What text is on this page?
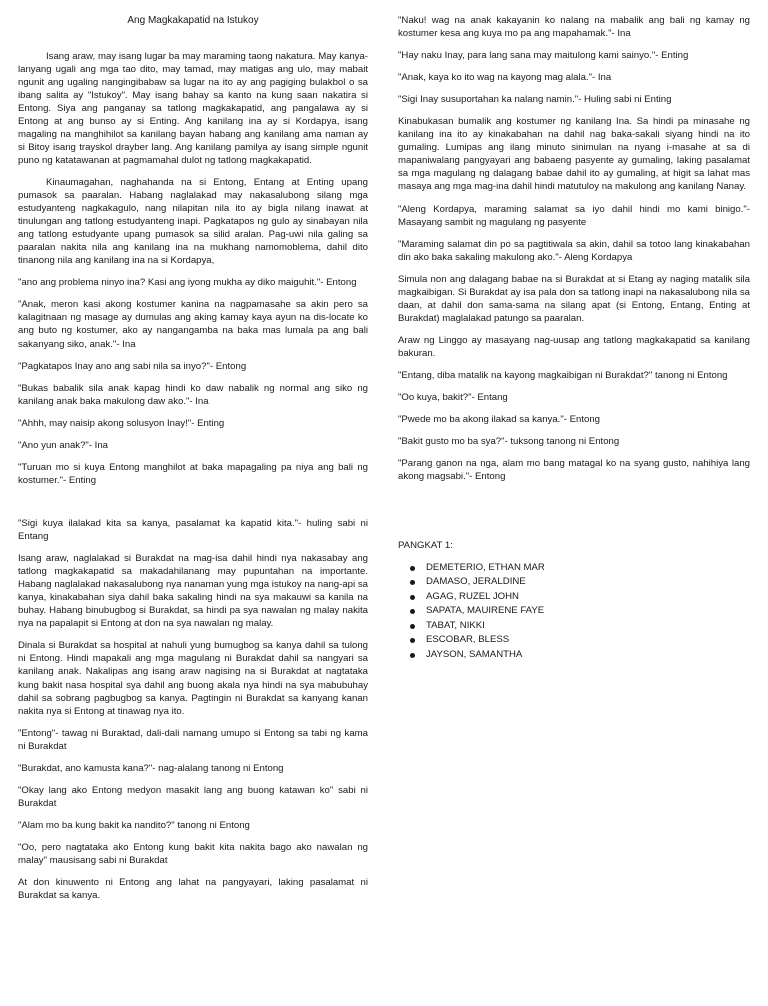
Ang Magkakapatid na Istukoy

Isang araw, may isang lugar ba may maraming taong nakatura. May kanya-lanyang ugali ang mga tao dito, may tamad, may matigas ang ulo, may mabait ngunit ang ugaling nangingibabaw sa lugar na ito ay ang pagiging bulakbol o sa ibang salita ay "Istukoy". May isang bahay sa kanto na kung saan nakatira si Entong. Siya ang panganay sa tatlong magkakapatid, ang pangalawa ay si Entong at ang bunso ay si Enting. Ang kanilang ina ay si Kordapya, isang magaling na manghihilot sa kanilang bayan habang ang kanilang ama naman ay si Bitoy isang trayskol drayber lang. Ang kanilang pamilya ay isang simple ngunit puno ng katatawanan at pagmamahal dulot ng tatlong magkakapatid.

Kinaumagahan, naghahanda na si Entong, Entang at Enting upang pumasok sa paaralan. Habang naglalakad may nakasalubong silang mga estudyanteng nagkakagulo, nang nilapitan nila ito ay bigla nilang inawat at tinulungan ang tatlong estudyanteng inapi. Pagkatapos ng gulo ay sinabayan nila ang tatlong estudyante upang pumasok sa silid aralan. Pag-uwi nila galing sa paaralan nakita nila ang kanilang ina na mukhang namomoblema, dahil dito tinanong nila ang kanilang ina na si Kordapya,

"ano ang problema ninyo ina? Kasi ang iyong mukha ay diko maiguhit."- Entong

"Anak, meron kasi akong kostumer kanina na nagpamasahe sa akin pero sa kalagitnaan ng masage ay dumulas ang aking kamay kaya ayun na dis-locate ko ang buto ng kostumer, ako ay nangangamba na baka mas lumala pa ang bali sakanyang siko, anak."- Ina

"Pagkatapos Inay ano ang sabi nila sa inyo?"- Entong

"Bukas babalik sila anak kapag hindi ko daw nabalik ng normal ang siko ng kanilang anak baka makulong daw ako."- Ina

"Ahhh, may naisip akong solusyon Inay!"- Enting

"Ano yun anak?"- Ina

"Turuan mo si kuya Entong manghilot at baka mapagaling pa niya ang bali ng kostumer."- Enting

"Naku! wag na anak kakayanin ko nalang na mabalik ang bali ng kamay ng kostumer kesa ang kuya mo pa ang mapahamak."- Ina

"Hay naku Inay, para lang sana may maitulong kami sainyo."- Enting

"Anak, kaya ko ito wag na kayong mag alala."- Ina

"Sigi Inay susuportahan ka nalang namin."- Huling sabi ni Enting

Kinabukasan bumalik ang kostumer ng kanilang Ina. Sa hindi pa minasahe ng kanilang ina ito ay kinakabahan na dahil nag baka-sakali siyang hindi na ito gumaling. Lumipas ang ilang minuto sinimulan na nyang i-masahe at sa di mapaniwalang pangyayari ang babaeng pasyente ay gumaling, laking pasalamat sa mga magulang ng dalagang babae dahil ito ay gumaling, at higit sa lahat mas masaya ang mga mag-ina dahil hindi matutuloy na makulong ang kanilang Nanay.

"Aleng Kordapya, maraming salamat sa iyo dahil hindi mo kami binigo."- Masayang sambit ng magulang ng pasyente

"Maraming salamat din po sa pagtitiwala sa akin, dahil sa totoo lang kinakabahan din ako baka sakaling makulong ako."- Aleng Kordapya

Simula non ang dalagang babae na si Burakdat at si Etang ay naging matalik sila magkaibigan. Si Burakdat ay isa pala don sa tatlong inapi na nakasalubong nila sa daan, at dahil don sama-sama na silang apat (si Entong, Entang, Enting at Burakdat) maglalakad patungo sa paaralan.

Araw ng Linggo ay masayang nag-uusap ang tatlong magkakapatid sa kanilang bakuran.

"Entang, diba matalik na kayong magkaibigan ni Burakdat?" tanong ni Entong

"Oo kuya, bakit?"- Entang

"Pwede mo ba akong ilakad sa kanya."- Entong

"Bakit gusto mo ba sya?"- tuksong tanong ni Entong

"Parang ganon na nga, alam mo bang matagal ko na syang gusto, nahihiya lang akong magsabi."- Entong

"Sigi kuya ilalakad kita sa kanya, pasalamat ka kapatid kita."- huling sabi ni Entang

Isang araw, naglalakad si Burakdat na mag-isa dahil hindi nya nakasabay ang tatlong magkakapatid sa makadahilanang may pupuntahan na importante. Habang naglalakad nakasalubong nya nanaman yung mga istukoy na nang-api sa kanya, kinakabahan siya dahil baka sakaling hindi na sya makauwi sa kanila na buhay. Habang binubugbog si Burakdat, sa hindi pa sya nawalan ng malay nakita nya na papalapit si Entong at don na sya nawalan ng malay.

Dinala si Burakdat sa hospital at nahuli yung bumugbog sa kanya dahil sa tulong ni Entong. Hindi mapakali ang mga magulang ni Burakdat dahil sa nangyari sa kanilang anak. Nakalipas ang isang araw nagising na si Burakdat at nagtataka kung bakit nasa hospital sya dahil ang buong akala nya hindi na sya mabubuhay dahil sa sobrang pagbugbog sa kanya. Pagtingin ni Burakdat sa kanyang kanan nakita nya si Entong at tinawag nya ito.

"Entong"- tawag ni Buraktad, dali-dali namang umupo si Entong sa tabi ng kama ni Burakdat

"Burakdat, ano kamusta kana?"- nag-alalang tanong ni Entong

"Okay lang ako Entong medyon masakit lang ang buong katawan ko" sabi ni Burakdat

"Alam mo ba kung bakit ka nandito?" tanong ni Entong

"Oo, pero nagtataka ako Entong kung bakit kita nakita bago ako nawalan ng malay" mausisang sabi ni Burakdat

At don kinuwento ni Entong ang lahat na pangyayari, laking pasalamat ni Burakdat sa kanya.

PANGKAT 1:

DEMETERIO, ETHAN MAR
DAMASO, JERALDINE
AGAG, RUZEL JOHN
SAPATA, MAUIRENE FAYE
TABAT, NIKKI
ESCOBAR, BLESS
JAYSON, SAMANTHA
